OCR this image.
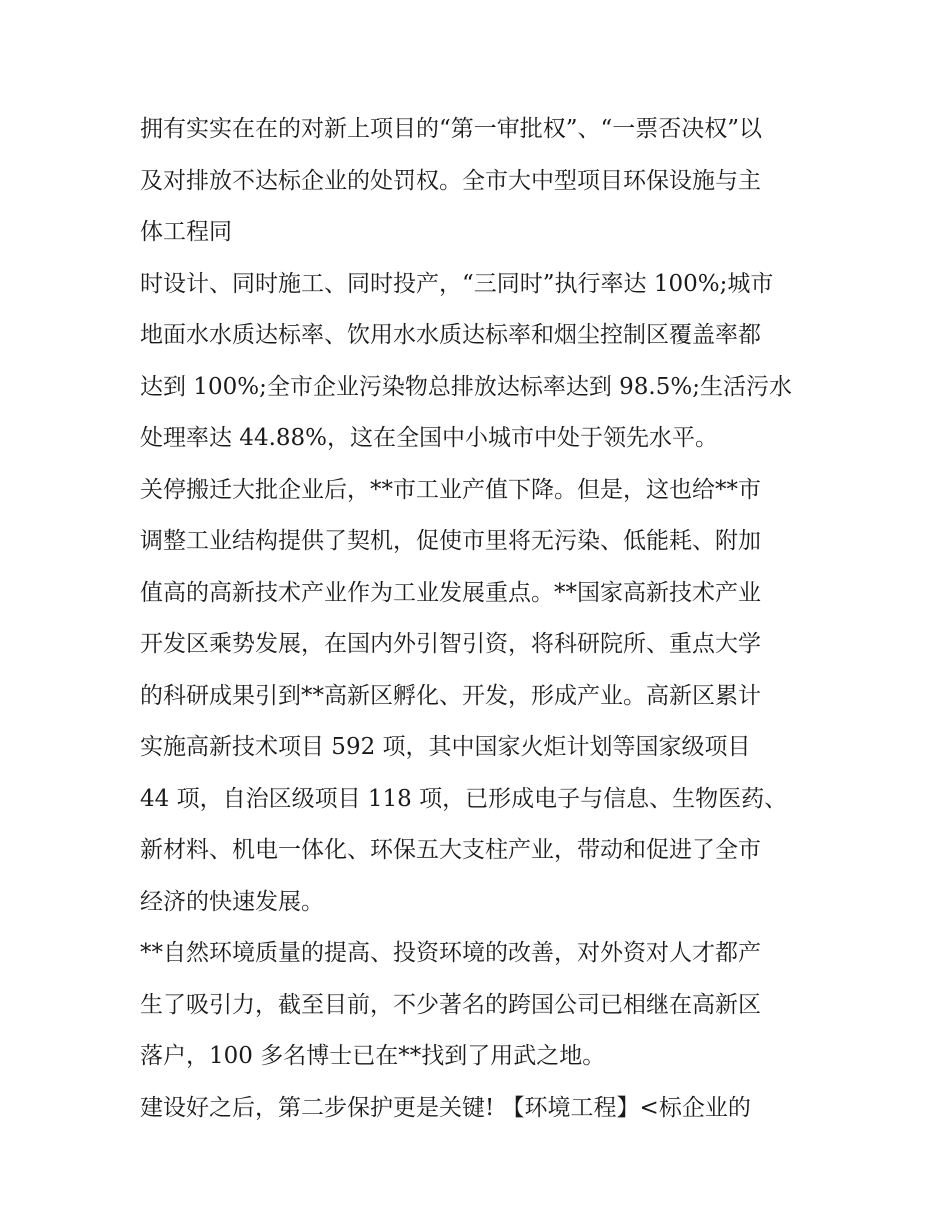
拥有实实在在的对新上项目的“第一审批权”、“一票否决权”以
及对排放不达标企业的处罚权。全市大中型项目环保设施与主
体工程同
时设计、同时施工、同时投产，“三同时”执行率达 100%;城市
地面水水质达标率、饮用水水质达标率和烟尘控制区覆盖率都
达到 100%;全市企业污染物总排放达标率达到 98.5%;生活污水
处理率达 44.88%，这在全国中小城市中处于领先水平。
关停搬迁大批企业后，**市工业产值下降。但是，这也给**市
调整工业结构提供了契机，促使市里将无污染、低能耗、附加
值高的高新技术产业作为工业发展重点。**国家高新技术产业
开发区乘势发展，在国内外引智引资，将科研院所、重点大学
的科研成果引到**高新区孵化、开发，形成产业。高新区累计
实施高新技术项目 592 项，其中国家火炬计划等国家级项目
44 项，自治区级项目 118 项，已形成电子与信息、生物医药、
新材料、机电一体化、环保五大支柱产业，带动和促进了全市
经济的快速发展。
**自然环境质量的提高、投资环境的改善，对外资对人才都产
生了吸引力，截至目前，不少著名的跨国公司已相继在高新区
落户，100 多名博士已在**找到了用武之地。
建设好之后，第二步保护更是关键! 【环境工程】<标企业的
